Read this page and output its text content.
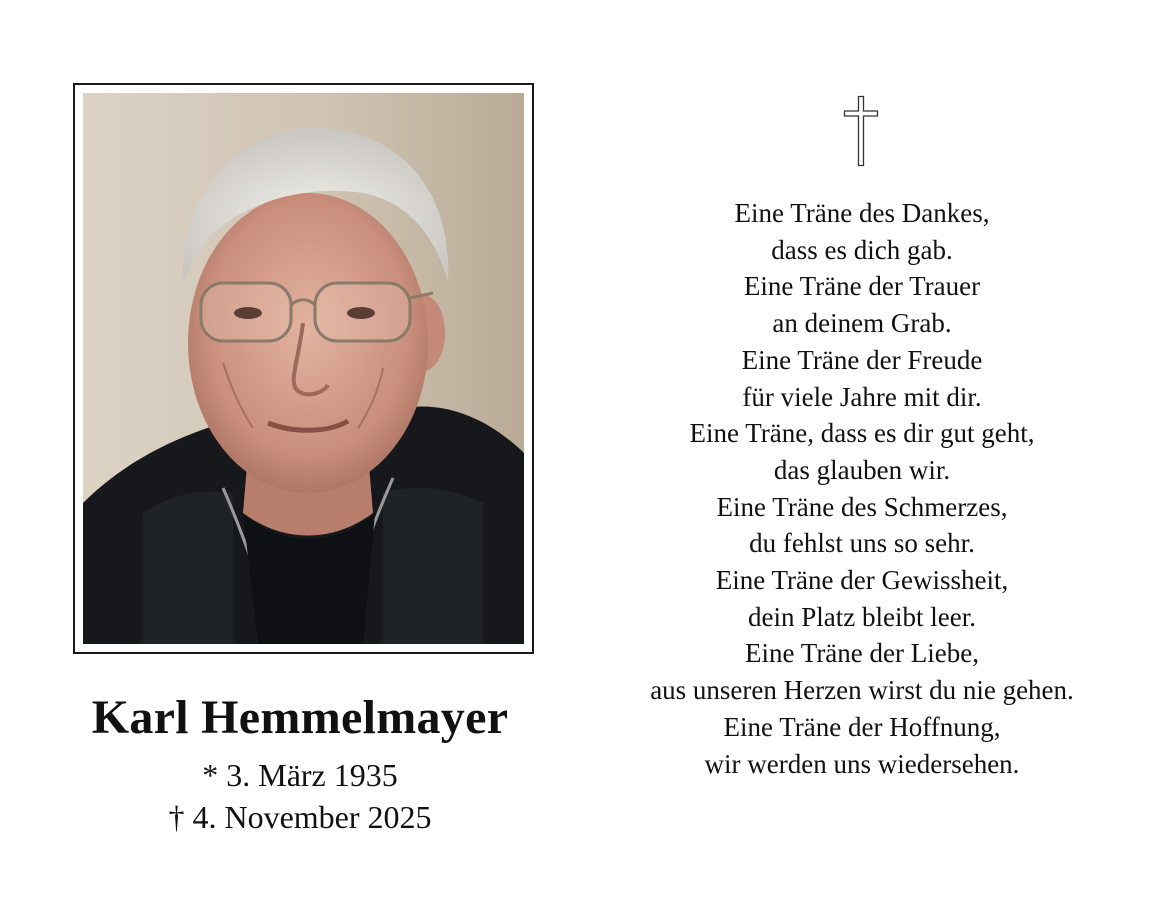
Karl Hemmelmayer
* 3. März 1935
† 4. November 2025
Eine Träne des Dankes,
dass es dich gab.
Eine Träne der Trauer
an deinem Grab.
Eine Träne der Freude
für viele Jahre mit dir.
Eine Träne, dass es dir gut geht,
das glauben wir.
Eine Träne des Schmerzes,
du fehlst uns so sehr.
Eine Träne der Gewissheit,
dein Platz bleibt leer.
Eine Träne der Liebe,
aus unseren Herzen wirst du nie gehen.
Eine Träne der Hoffnung,
wir werden uns wiedersehen.
